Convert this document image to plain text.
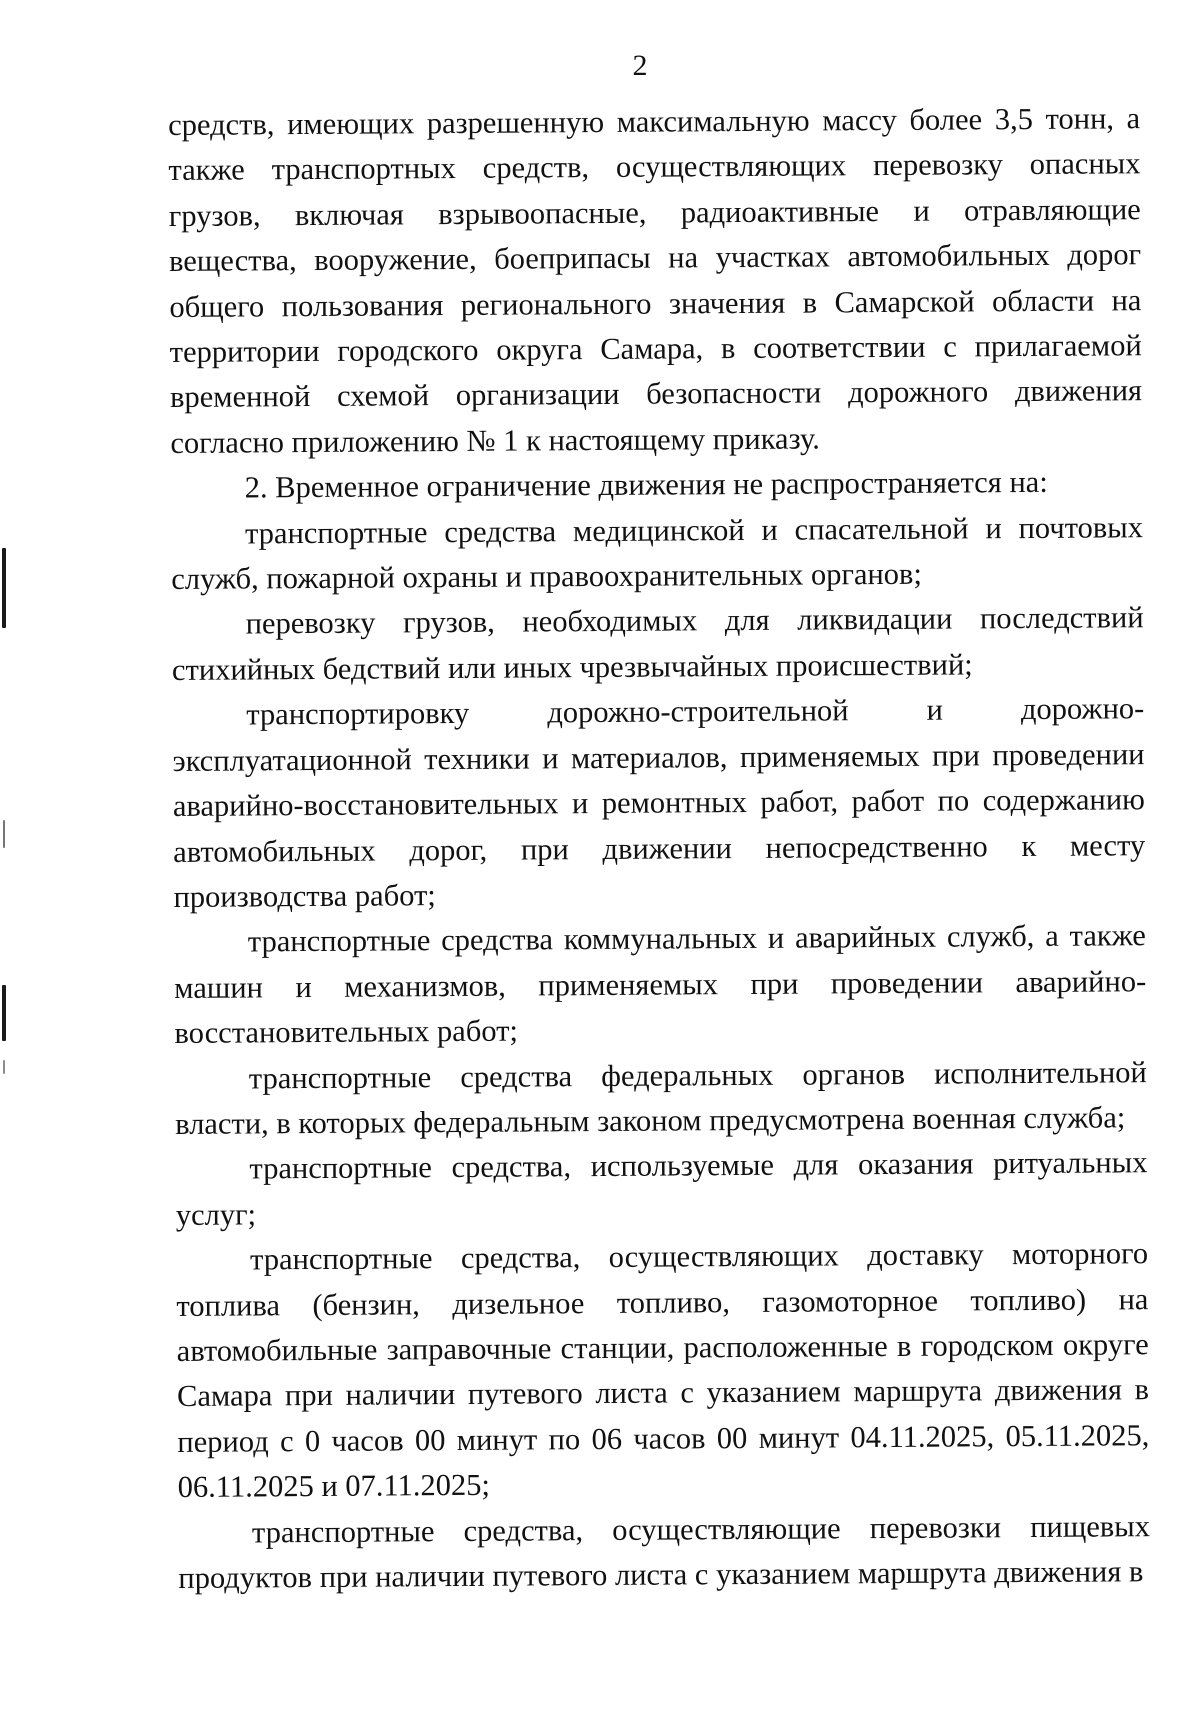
2

средств, имеющих разрешенную максимальную массу более 3,5 тонн, а также транспортных средств, осуществляющих перевозку опасных грузов, включая взрывоопасные, радиоактивные и отравляющие вещества, вооружение, боеприпасы на участках автомобильных дорог общего пользования регионального значения в Самарской области на территории городского округа Самара, в соответствии с прилагаемой временной схемой организации безопасности дорожного движения согласно приложению № 1 к настоящему приказу.

2. Временное ограничение движения не распространяется на:

транспортные средства медицинской и спасательной и почтовых служб, пожарной охраны и правоохранительных органов;

перевозку грузов, необходимых для ликвидации последствий стихийных бедствий или иных чрезвычайных происшествий;

транспортировку дорожно-строительной и дорожно-эксплуатационной техники и материалов, применяемых при проведении аварийно-восстановительных и ремонтных работ, работ по содержанию автомобильных дорог, при движении непосредственно к месту производства работ;

транспортные средства коммунальных и аварийных служб, а также машин и механизмов, применяемых при проведении аварийно-восстановительных работ;

транспортные средства федеральных органов исполнительной власти, в которых федеральным законом предусмотрена военная служба;

транспортные средства, используемые для оказания ритуальных услуг;

транспортные средства, осуществляющих доставку моторного топлива (бензин, дизельное топливо, газомоторное топливо) на автомобильные заправочные станции, расположенные в городском округе Самара при наличии путевого листа с указанием маршрута движения в период с 0 часов 00 минут по 06 часов 00 минут 04.11.2025, 05.11.2025, 06.11.2025 и 07.11.2025;

транспортные средства, осуществляющие перевозки пищевых продуктов при наличии путевого листа с указанием маршрута движения в
